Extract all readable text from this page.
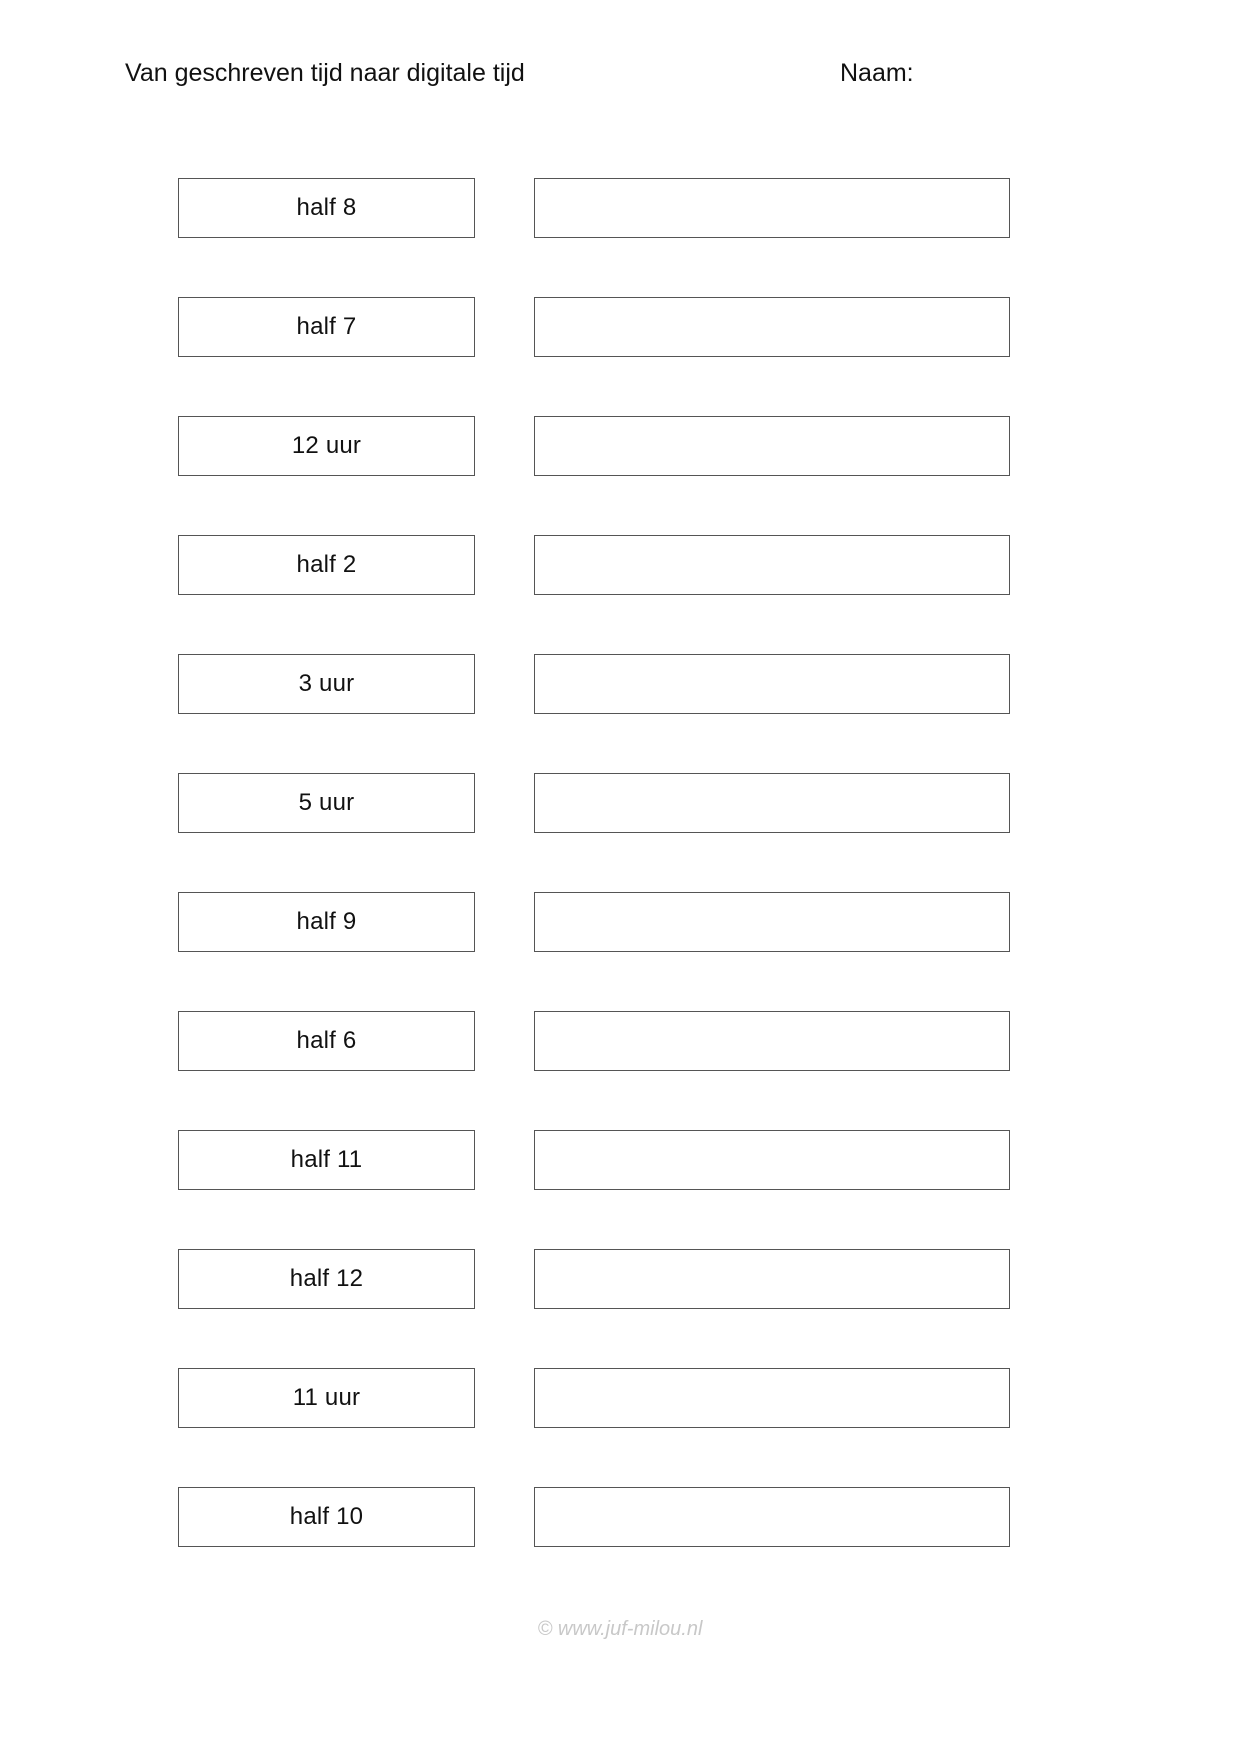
Van geschreven tijd naar digitale tijd	Naam:
half 8
half 7
12 uur
half 2
3 uur
5 uur
half 9
half 6
half 11
half 12
11 uur
half 10
© www.juf-milou.nl
